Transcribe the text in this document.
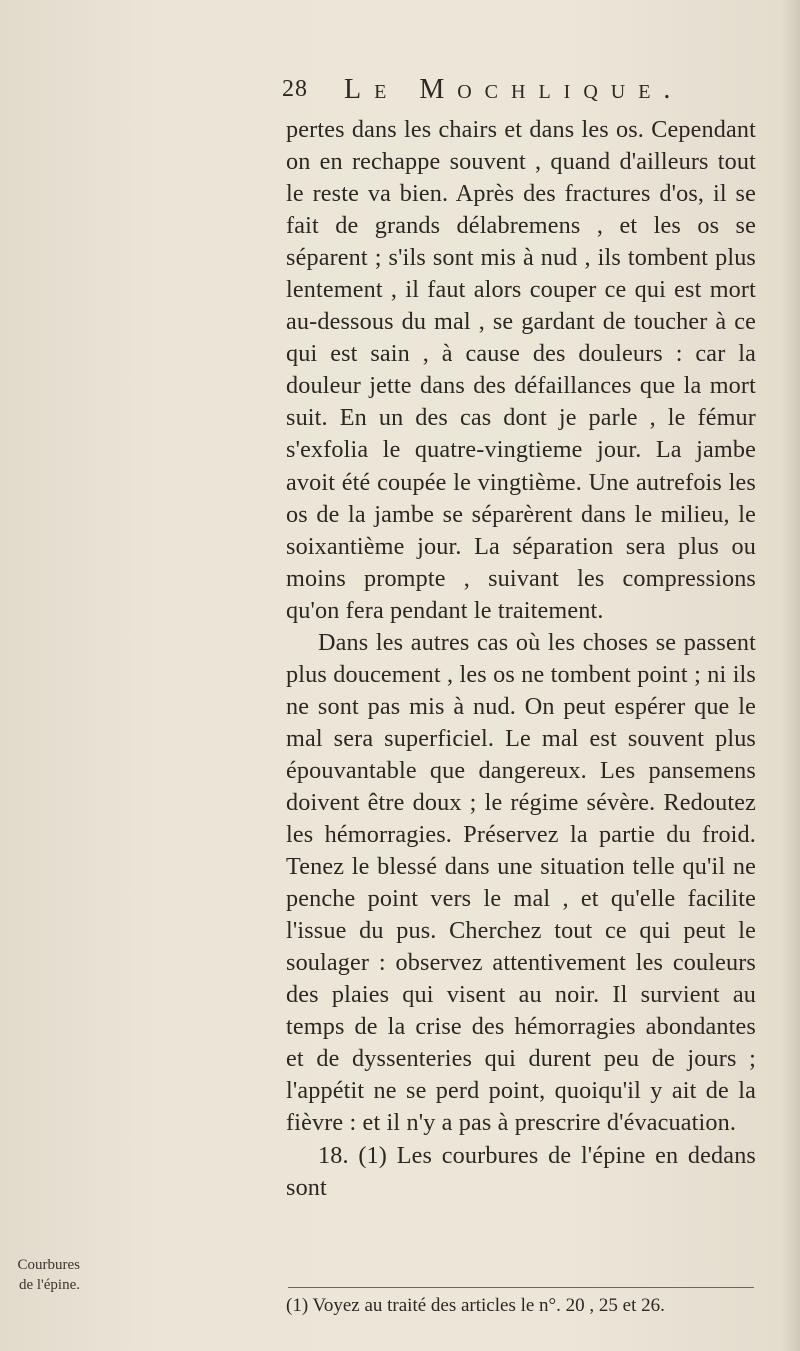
28 Le Mochlique.

pertes dans les chairs et dans les os. Cependant on en rechappe souvent , quand d'ailleurs tout le reste va bien. Après des fractures d'os, il se fait de grands délabremens , et les os se séparent ; s'ils sont mis à nud , ils tombent plus lentement , il faut alors couper ce qui est mort au-dessous du mal , se gardant de toucher à ce qui est sain , à cause des douleurs : car la douleur jette dans des défaillances que la mort suit. En un des cas dont je parle , le fémur s'exfolia le quatre-vingtieme jour. La jambe avoit été coupée le vingtième. Une autrefois les os de la jambe se séparèrent dans le milieu, le soixantième jour. La séparation sera plus ou moins prompte , suivant les compressions qu'on fera pendant le traitement.

Dans les autres cas où les choses se passent plus doucement , les os ne tombent point ; ni ils ne sont pas mis à nud. On peut espérer que le mal sera superficiel. Le mal est souvent plus épouvantable que dangereux. Les pansemens doivent être doux ; le régime sévère. Redoutez les hémorragies. Préservez la partie du froid. Tenez le blessé dans une situation telle qu'il ne penche point vers le mal , et qu'elle facilite l'issue du pus. Cherchez tout ce qui peut le soulager : observez attentivement les couleurs des plaies qui visent au noir. Il survient au temps de la crise des hémorragies abondantes et de dyssenteries qui durent peu de jours ; l'appétit ne se perd point, quoiqu'il y ait de la fièvre : et il n'y a pas à prescrire d'évacuation.

18. (1) Les courbures de l'épine en dedans sont

Courbures de l'épine.
(1) Voyez au traité des articles le n°. 20 , 25 et 26.
